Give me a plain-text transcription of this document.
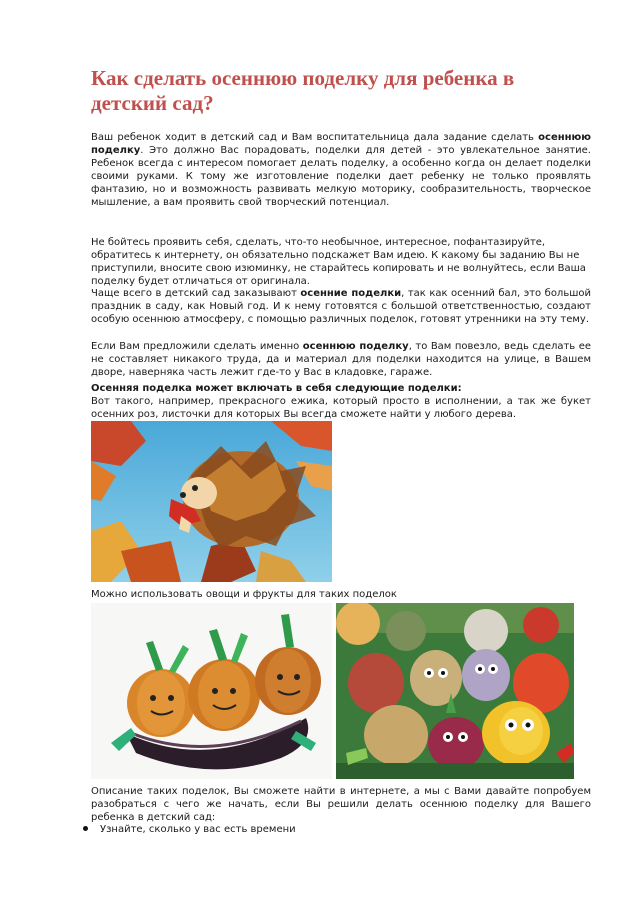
Как сделать осеннюю поделку для ребенка в детский сад?

Ваш ребенок ходит в детский сад и Вам воспитательница дала задание сделать осеннюю поделку. Это должно Вас порадовать, поделки для детей - это увлекательное занятие. Ребенок всегда с интересом помогает делать поделку, а особенно когда он делает поделки своими руками. К тому же изготовление поделки дает ребенку не только проявлять фантазию, но и возможность развивать мелкую моторику, сообразительность, творческое мышление, а вам проявить свой творческий потенциал.

Не бойтесь проявить себя, сделать, что-то необычное, интересное, пофантазируйте, обратитесь к интернету, он обязательно подскажет Вам идею. К какому бы заданию Вы не приступили, вносите свою изюминку, не старайтесь копировать и не волнуйтесь, если Ваша поделку будет отличаться от оригинала.

Чаще всего в детский сад заказывают осенние поделки, так как осенний бал, это большой праздник в саду, как Новый год. И к нему готовятся с большой ответственностью, создают особую осеннюю атмосферу, с помощью различных поделок, готовят утренники на эту тему.

Если Вам предложили сделать именно осеннюю поделку, то Вам повезло, ведь сделать ее не составляет никакого труда, да и материал для поделки находится на улице, в Вашем дворе, наверняка часть лежит где-то у Вас в кладовке, гараже.

Осенняя поделка может включать в себя следующие поделки:

Вот такого, например, прекрасного ежика, который просто в исполнении, а так же букет осенних роз, листочки для которых Вы всегда сможете найти у любого дерева.

Можно использовать овощи и фрукты для таких поделок

Описание таких поделок, Вы сможете найти в интернете, а мы с Вами давайте попробуем разобраться с чего же начать, если Вы решили делать осеннюю поделку для Вашего ребенка в детский сад:

Узнайте, сколько у вас есть времени
